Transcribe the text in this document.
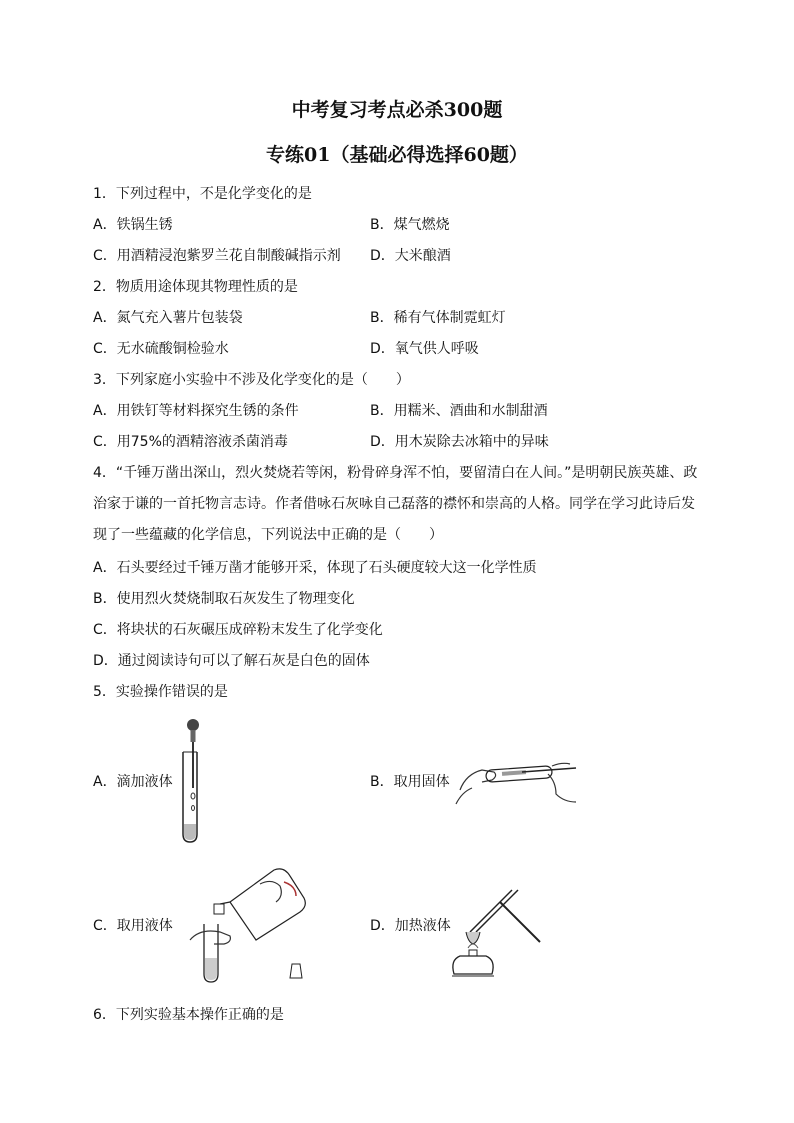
中考复习考点必杀300题
专练01（基础必得选择60题）
1．下列过程中，不是化学变化的是
A．铁锅生锈	B．煤气燃烧
C．用酒精浸泡紫罗兰花自制酸碱指示剂 D．大米酿酒
2．物质用途体现其物理性质的是
A．氮气充入薯片包装袋	B．稀有气体制霓虹灯
C．无水硫酸铜检验水	D．氧气供人呼吸
3．下列家庭小实验中不涉及化学变化的是（　　）
A．用铁钉等材料探究生锈的条件	B．用糯米、酒曲和水制甜酒
C．用75%的酒精溶液杀菌消毒	D．用木炭除去冰箱中的异味
4．“千锤万凿出深山，烈火焚烧若等闲，粉骨碎身浑不怕，要留清白在人间。”是明朝民族英雄、政
治家于谦的一首托物言志诗。作者借咏石灰咏自己磊落的襟怀和崇高的人格。同学在学习此诗后发
现了一些蕴藏的化学信息，下列说法中正确的是（　　）
A．石头要经过千锤万凿才能够开采，体现了石头硬度较大这一化学性质
B．使用烈火焚烧制取石灰发生了物理变化
C．将块状的石灰碾压成碎粉末发生了化学变化
D．通过阅读诗句可以了解石灰是白色的固体
5．实验操作错误的是
A．滴加液体	B．取用固体
C．取用液体	D．加热液体
6．下列实验基本操作正确的是
